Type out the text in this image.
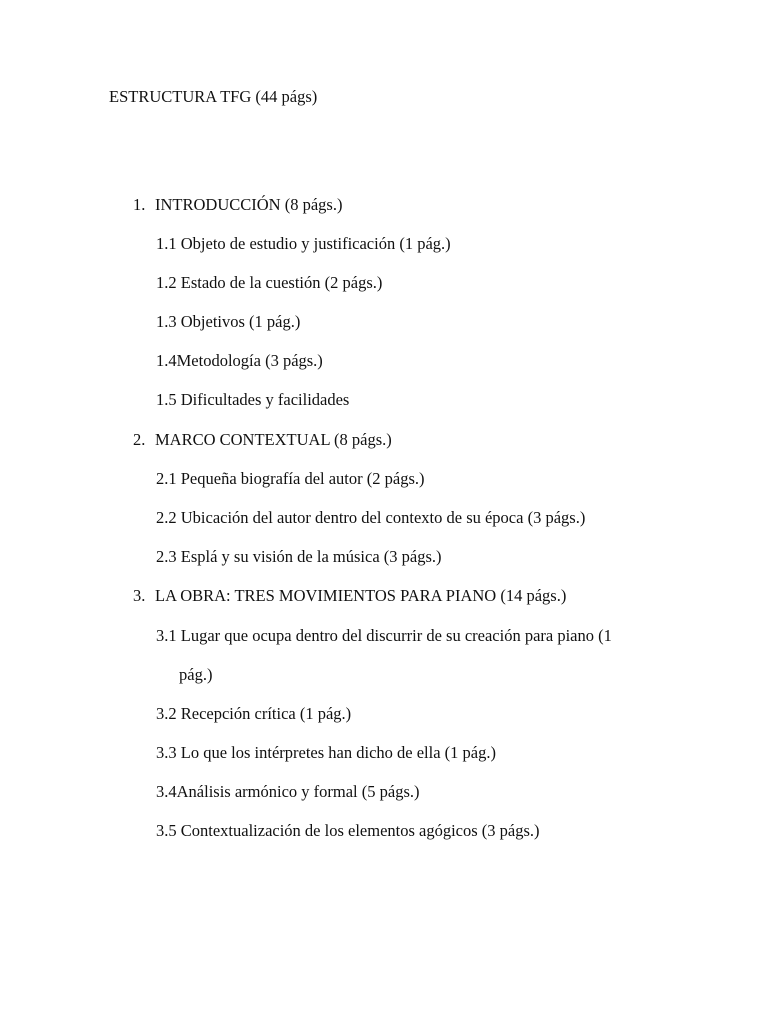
ESTRUCTURA TFG (44 págs)
1. INTRODUCCIÓN (8 págs.)
1.1 Objeto de estudio y justificación (1 pág.)
1.2 Estado de la cuestión (2 págs.)
1.3 Objetivos (1 pág.)
1.4Metodología (3 págs.)
1.5 Dificultades y facilidades
2. MARCO CONTEXTUAL (8 págs.)
2.1 Pequeña biografía del autor (2 págs.)
2.2 Ubicación del autor dentro del contexto de su época (3 págs.)
2.3 Esplá y su visión de la música (3 págs.)
3. LA OBRA: TRES MOVIMIENTOS PARA PIANO (14 págs.)
3.1 Lugar que ocupa dentro del discurrir de su creación para piano (1
pág.)
3.2 Recepción crítica (1 pág.)
3.3 Lo que los intérpretes han dicho de ella (1 pág.)
3.4Análisis armónico y formal (5 págs.)
3.5 Contextualización de los elementos agógicos (3 págs.)
